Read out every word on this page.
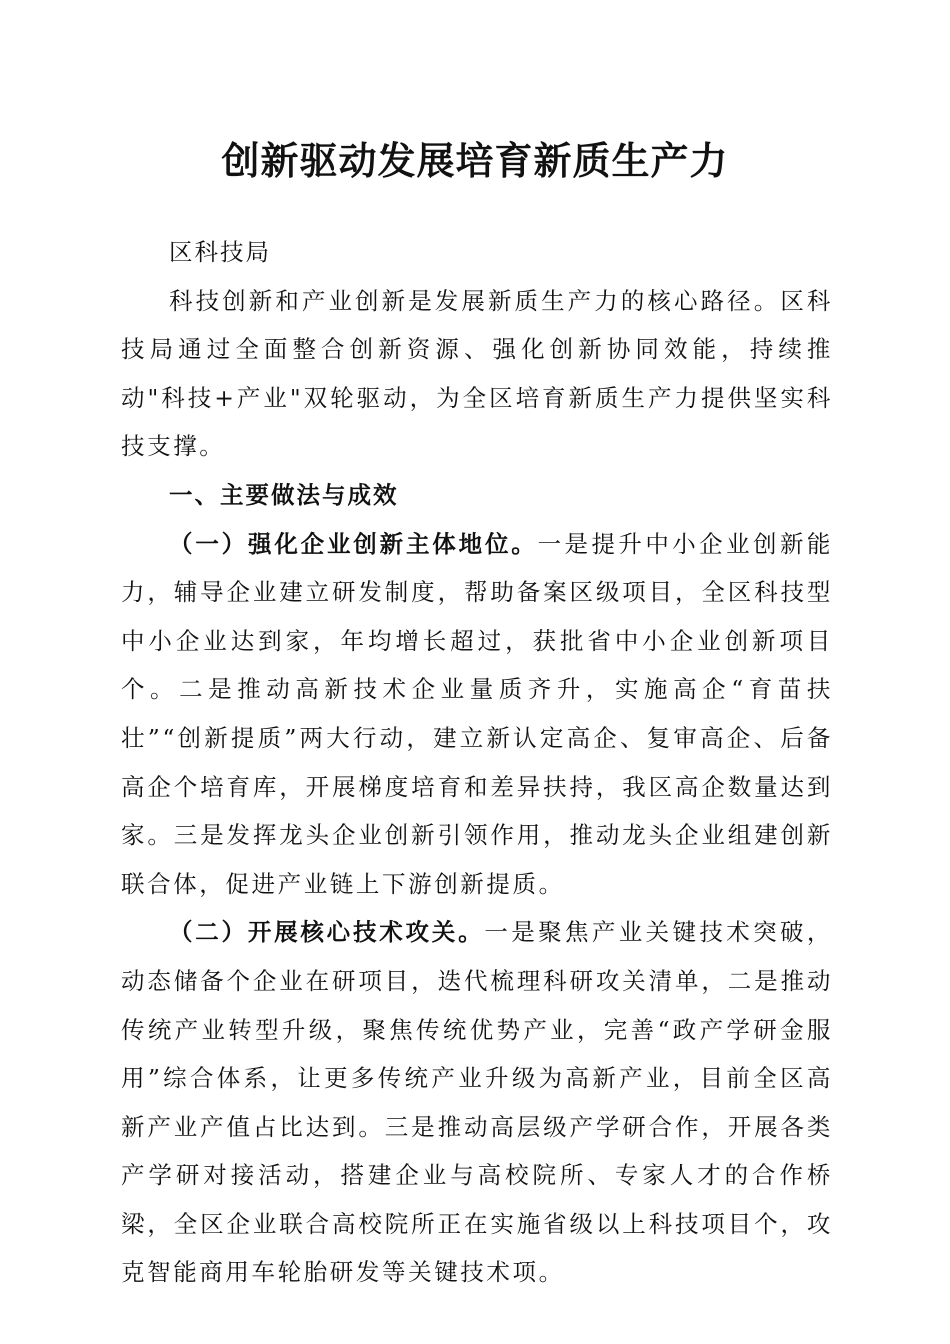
创新驱动发展培育新质生产力

区科技局

科技创新和产业创新是发展新质生产力的核心路径。区科技局通过全面整合创新资源、强化创新协同效能，持续推动"科技+产业"双轮驱动，为全区培育新质生产力提供坚实科技支撑。

一、主要做法与成效

（一）强化企业创新主体地位。一是提升中小企业创新能力，辅导企业建立研发制度，帮助备案区级项目，全区科技型中小企业达到家，年均增长超过，获批省中小企业创新项目个。二是推动高新技术企业量质齐升，实施高企“育苗扶壮”“创新提质”两大行动，建立新认定高企、复审高企、后备高企个培育库，开展梯度培育和差异扶持，我区高企数量达到家。三是发挥龙头企业创新引领作用，推动龙头企业组建创新联合体，促进产业链上下游创新提质。

（二）开展核心技术攻关。一是聚焦产业关键技术突破，动态储备个企业在研项目，迭代梳理科研攻关清单，二是推动传统产业转型升级，聚焦传统优势产业，完善“政产学研金服用”综合体系，让更多传统产业升级为高新产业，目前全区高新产业产值占比达到。三是推动高层级产学研合作，开展各类产学研对接活动，搭建企业与高校院所、专家人才的合作桥梁，全区企业联合高校院所正在实施省级以上科技项目个，攻克智能商用车轮胎研发等关键技术项。
